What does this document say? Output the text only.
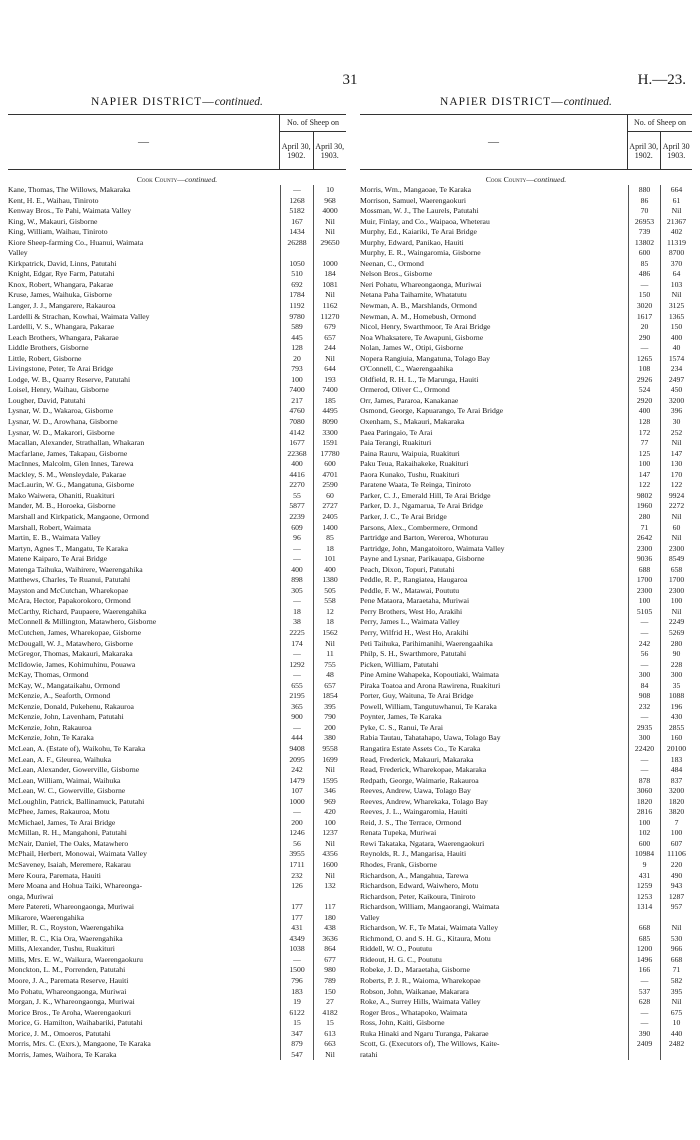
31	H.—23.
NAPIER DISTRICT—continued.
—
No. of Sheep on
April 30, 1902.
April 30, 1903.
Cook County—continued.
Kane, Thomas, The Willows, Makaraka	—	10
Kent, H. E., Waihau, Tiniroto	1268	968
Kenway Bros., Te Pahi, Waimata Valley	5182	4000
King, W., Makauri, Gisborne	167	Nil
King, William, Waihau, Tiniroto	1434	Nil
Kiore Sheep-farming Co., Huanui, Waimata	26288	29650
Valley
Kirkpatrick, David, Linns, Patutahi	1050	1000
Knight, Edgar, Rye Farm, Patutahi	510	184
Knox, Robert, Whangara, Pakarae	692	1081
Kruse, James, Waihuka, Gisborne	1784	Nil
Langer, J. J., Mangarere, Rakauroa	1192	1162
Lardelli & Strachan, Kowhai, Waimata Valley	9780	11270
Lardelli, V. S., Whangara, Pakarae	589	679
Leach Brothers, Whangara, Pakarae	445	657
Liddle Brothers, Gisborne	128	244
Little, Robert, Gisborne	20	Nil
Livingstone, Peter, Te Arai Bridge	793	644
Lodge, W. B., Quarry Reserve, Patutahi	100	193
Loisel, Henry, Waihau, Gisborne	7400	7400
Lougher, David, Patutahi	217	185
Lysnar, W. D., Wakaroa, Gisborne	4760	4495
Lysnar, W. D., Arowhana, Gisborne	7080	8090
Lysnar, W. D., Makarori, Gisborne	4142	3300
Macallan, Alexander, Strathallan, Whakaran	1677	1591
Macfarlane, James, Takapau, Gisborne	22368	17780
MacInnes, Malcolm, Glen Innes, Tarewa	400	600
Mackley, S. M., Wensleydale, Pakarae	4416	4701
MacLaurin, W. G., Mangatuna, Gisborne	2270	2590
Mako Waiwera, Ohaniti, Ruakituri	55	60
Mander, M. B., Horoeka, Gisborne	5877	2727
Marshall and Kirkpatick, Mangaone, Ormond	2239	2405
Marshall, Robert, Waimata	609	1400
Martin, E. B., Waimata Valley	96	85
Martyn, Agnes T., Mangatu, Te Karaka	—	18
Matene Kaiparo, Te Arai Bridge	—	101
Matenga Taihuka, Waihirere, Waerengahika	400	400
Matthews, Charles, Te Ruanui, Patutahi	898	1380
Mayston and McCutchan, Wharekopae	305	505
McAra, Hector, Papakorokoro, Ormond	—	558
McCarthy, Richard, Paupaere, Waerengahika	18	12
McConnell & Millington, Matawhero, Gisborne	38	18
McCutchen, James, Wharekopae, Gisborne	2225	1562
McDougall, W. J., Matawhero, Gisborne	174	Nil
McGregor, Thomas, Makauri, Makaraka	—	11
McIldowie, James, Kohimuhinu, Pouawa	1292	755
McKay, Thomas, Ormond	—	48
McKay, W., Mangataikahu, Ormond	655	657
McKenzie, A., Seaforth, Ormond	2195	1854
McKenzie, Donald, Pukehenu, Rakauroa	365	395
McKenzie, John, Lavenham, Patutahi	900	790
McKenzie, John, Rakauroa	—	200
McKenzie, John, Te Karaka	444	380
McLean, A. (Estate of), Waikohu, Te Karaka	9408	9558
McLean, A. F., Gleurea, Waihuka	2095	1699
McLean, Alexander, Gowerville, Gisborne	242	Nil
McLean, William, Waimai, Waihuka	1479	1595
McLean, W. C., Gowerville, Gisborne	107	346
McLoughlin, Patrick, Ballinamuck, Patutahi	1000	969
McPhee, James, Rakauroa, Motu	—	420
McMichael, James, Te Arai Bridge	200	100
McMillan, R. H., Mangahoni, Patutahi	1246	1237
McNair, Daniel, The Oaks, Matawhero	56	Nil
McPhail, Herbert, Monowai, Waimata Valley	3955	4356
McSaveney, Isaiah, Meremere, Rakarau	1711	1600
Mere Koura, Paremata, Hauiti	232	Nil
Mere Moana and Hohua Taiki, Whareonga-	126	132
onga, Muriwai
Mere Patereti, Whareongaonga, Muriwai	177	117
Mikarore, Waerengahika	177	180
Miller, R. C., Royston, Waerengahika	431	438
Miller, R. C., Kia Ora, Waerengahika	4349	3636
Mills, Alexander, Tushu, Ruakituri	1038	864
Mills, Mrs. E. W., Waikura, Waerengaokuru	—	677
Monckton, L. M., Porrenden, Patutahi	1500	980
Moore, J. A., Paremata Reserve, Hauiti	796	789
Mo Pohatu, Whareongaonga, Muriwai	183	150
Morgan, J. K., Whareongaonga, Muriwai	19	27
Morice Bros., Te Aroha, Waerengaokuri	6122	4182
Morice, G. Hamilton, Waihabariki, Patutahi	15	15
Morice, J. M., Omoeros, Patutahi	347	613
Morris, Mrs. C. (Exrs.), Mangaone, Te Karaka	879	663
Morris, James, Waihora, Te Karaka	547	Nil
NAPIER DISTRICT—continued.
—
No. of Sheep on
April 30, 1902.
April 30 1903.
Cook County—continued.
Morris, Wm., Mangaoae, Te Karaka	880	664
Morrison, Samuel, Waerengaokuri	86	61
Mossman, W. J., The Laurels, Patutahi	70	Nil
Muir, Finlay, and Co., Waipaoa, Wheterau	26953	21367
Murphy, Ed., Kaiariki, Te Arai Bridge	739	402
Murphy, Edward, Panikao, Hauiti	13802	11319
Murphy, E. R., Waingaromia, Gisborne	600	8700
Neenan, C., Ormond	85	370
Nelson Bros., Gisborne	486	64
Neri Pohatu, Whareongaonga, Muriwai	—	103
Netana Paha Taihamite, Whatatutu	150	Nil
Newman, A. B., Marshlands, Ormond	3020	3125
Newman, A. M., Homebush, Ormond	1617	1365
Nicol, Henry, Swarthmoor, Te Arai Bridge	20	150
Noa Whaksatere, Te Awapuni, Gisborne	290	400
Nolan, James W., Otipi, Gisborne	—	40
Nopera Rangiuia, Mangatuna, Tolago Bay	1265	1574
O'Connell, C., Waerengaahika	108	234
Oldfield, R. H. L., Te Marunga, Hauiti	2926	2497
Ormerod, Oliver C., Ormond	524	450
Orr, James, Pararoa, Kanakanae	2920	3200
Osmond, George, Kapuarango, Te Arai Bridge	400	396
Oxenham, S., Makauri, Makaraka	128	30
Paea Paringaio, Te Arai	172	252
Paia Terangi, Ruakituri	77	Nil
Paina Rauru, Waipuia, Ruakituri	125	147
Paku Teua, Rakaihakeke, Ruakituri	100	130
Paora Kunako, Tushu, Ruakituri	147	170
Paratene Waata, Te Reinga, Tiniroto	122	122
Parker, C. J., Emerald Hill, Te Arai Bridge	9802	9924
Parker, D. J., Ngamarua, Te Arai Bridge	1960	2272
Parker, J. C., Te Arai Bridge	280	Nil
Parsons, Alex., Combermere, Ormond	71	60
Partridge and Barton, Wereroa, Whoturau	2642	Nil
Partridge, John, Mangatoitoro, Waimata Valley	2300	2300
Payne and Lysnar, Parikauapa, Gisborne	9036	8549
Peach, Dixon, Topuri, Patutahi	688	658
Peddle, R. P., Rangiatea, Haugaroa	1700	1700
Peddle, F. W., Matawai, Poututu	2300	2300
Pene Mataora, Maraetaha, Muriwai	100	100
Perry Brothers, West Ho, Arakihi	5105	Nil
Perry, James L., Waimata Valley	—	2249
Perry, Wilfrid H., West Ho, Arakihi	—	5269
Peti Taihuka, Parihimanihi, Waerengaahika	242	280
Philp, S. H., Swarthmore, Patutahi	56	90
Picken, William, Patutahi	—	228
Pine Amine Wahapeka, Kopoutiaki, Waimata	300	300
Piraka Toatoa and Arona Rawirena, Ruakituri	84	35
Porter, Guy, Waituna, Te Arai Bridge	908	1088
Powell, William, Tangutuwhanui, Te Karaka	232	196
Poynter, James, Te Karaka	—	430
Pyke, C. S., Ranui, Te Arai	2935	2855
Rabia Tautau, Tahatahapo, Uawa, Tolago Bay	300	160
Rangatira Estate Assets Co., Te Karaka	22420	20100
Read, Frederick, Makauri, Makaraka	—	183
Read, Frederick, Wharekopae, Makaraka	—	484
Redpath, George, Waimarie, Rakauroa	878	837
Reeves, Andrew, Uawa, Tolago Bay	3060	3200
Reeves, Andrew, Wharekaka, Tolago Bay	1820	1820
Reeves, J. L., Waingaromia, Hauiti	2816	3820
Reid, J. S., The Terrace, Ormond	100	7
Renata Tupeka, Muriwai	102	100
Rewi Takataka, Ngatara, Waerengaokuri	600	607
Reynolds, R. J., Mangarisa, Hauiti	10984	11106
Rhodes, Frank, Gisborne	9	220
Richardson, A., Mangahua, Tarewa	431	490
Richardson, Edward, Waiwhero, Motu	1259	943
Richardson, Peter, Kaikoura, Tiniroto	1253	1287
Richardson, William, Mangaorangi, Waimata	1314	957
Valley
Richardson, W. F., Te Matai, Waimata Valley	668	Nil
Richmond, O. and S. H. G., Kitaura, Motu	685	530
Riddell, W. O., Poututu	1200	966
Rideout, H. G. C., Poututu	1496	668
Robeke, J. D., Maraetaha, Gisborne	166	71
Roberts, P. J. R., Waioma, Wharekopae	—	582
Robson, John, Waikanae, Makarara	537	395
Roke, A., Surrey Hills, Waimata Valley	628	Nil
Roger Bros., Whatapoko, Waimata	—	675
Ross, John, Kaiti, Gisborne	—	10
Ruka Hinaki and Ngaru Turanga, Pakarae	390	440
Scott, G. (Executors of), The Willows, Kaite-	2409	2482
ratahi
